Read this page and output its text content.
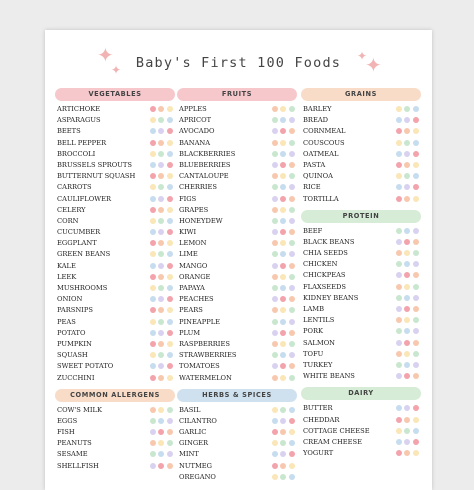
✦
✦ Baby's First 100 Foods ✦
✦
VEGETABLES
ARTICHOKE
ASPARAGUS
BEETS
BELL PEPPER
BROCCOLI
BRUSSELS SPROUTS
BUTTERNUT SQUASH
CARROTS
CAULIFLOWER
CELERY
CORN
CUCUMBER
EGGPLANT
GREEN BEANS
KALE
LEEK
MUSHROOMS
ONION
PARSNIPS
PEAS
POTATO
PUMPKIN
SQUASH
SWEET POTATO
ZUCCHINI
COMMON ALLERGENS
COW'S MILK
EGGS
FISH
PEANUTS
SESAME
SHELLFISH
FRUITS
APPLES
APRICOT
AVOCADO
BANANA
BLACKBERRIES
BLUEBERRIES
CANTALOUPE
CHERRIES
FIGS
GRAPES
HONEYDEW
KIWI
LEMON
LIME
MANGO
ORANGE
PAPAYA
PEACHES
PEARS
PINEAPPLE
PLUM
RASPBERRIES
STRAWBERRIES
TOMATOES
WATERMELON
HERBS & SPICES
BASIL
CILANTRO
GARLIC
GINGER
MINT
NUTMEG
OREGANO
GRAINS
BARLEY
BREAD
CORNMEAL
COUSCOUS
OATMEAL
PASTA
QUINOA
RICE
TORTILLA
PROTEIN
BEEF
BLACK BEANS
CHIA SEEDS
CHICKEN
CHICKPEAS
FLAXSEEDS
KIDNEY BEANS
LAMB
LENTILS
PORK
SALMON
TOFU
TURKEY
WHITE BEANS
DAIRY
BUTTER
CHEDDAR
COTTAGE CHEESE
CREAM CHEESE
YOGURT
